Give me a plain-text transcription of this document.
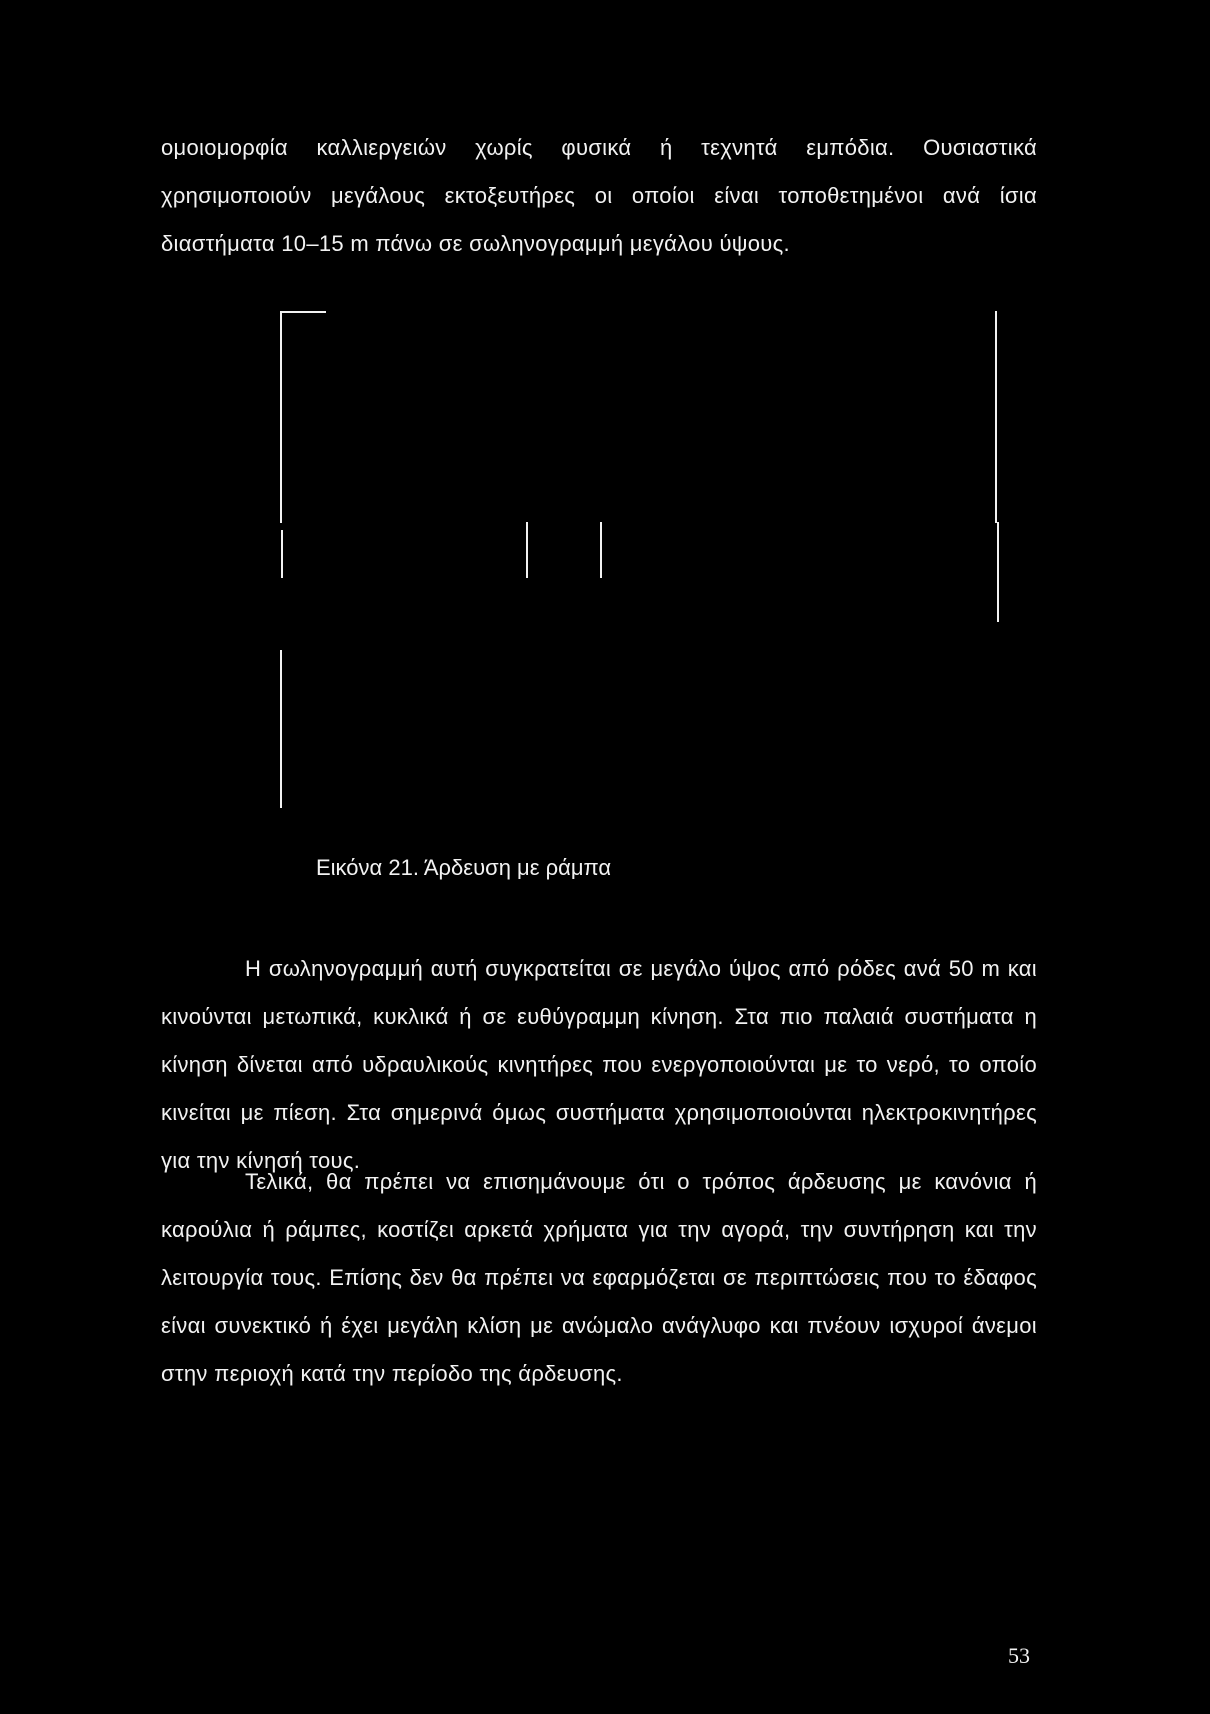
ομοιομορφία καλλιεργειών χωρίς φυσικά ή τεχνητά εμπόδια. Ουσιαστικά χρησιμοποιούν μεγάλους εκτοξευτήρες οι οποίοι είναι τοποθετημένοι ανά ίσια διαστήματα 10–15 m πάνω σε σωληνογραμμή μεγάλου ύψους.

Εικόνα 21. Άρδευση με ράμπα

Η σωληνογραμμή αυτή συγκρατείται σε μεγάλο ύψος από ρόδες ανά 50 m και κινούνται μετωπικά, κυκλικά ή σε ευθύγραμμη κίνηση. Στα πιο παλαιά συστήματα η κίνηση δίνεται από υδραυλικούς κινητήρες που ενεργοποιούνται με το νερό, το οποίο κινείται με πίεση. Στα σημερινά όμως συστήματα χρησιμοποιούνται ηλεκτροκινητήρες για την κίνησή τους.

Τελικά, θα πρέπει να επισημάνουμε ότι ο τρόπος άρδευσης με κανόνια ή καρούλια ή ράμπες, κοστίζει αρκετά χρήματα για την αγορά, την συντήρηση και την λειτουργία τους. Επίσης δεν θα πρέπει να εφαρμόζεται σε περιπτώσεις που το έδαφος είναι συνεκτικό ή έχει μεγάλη κλίση με ανώμαλο ανάγλυφο και πνέουν ισχυροί άνεμοι στην περιοχή κατά την περίοδο της άρδευσης.

53
